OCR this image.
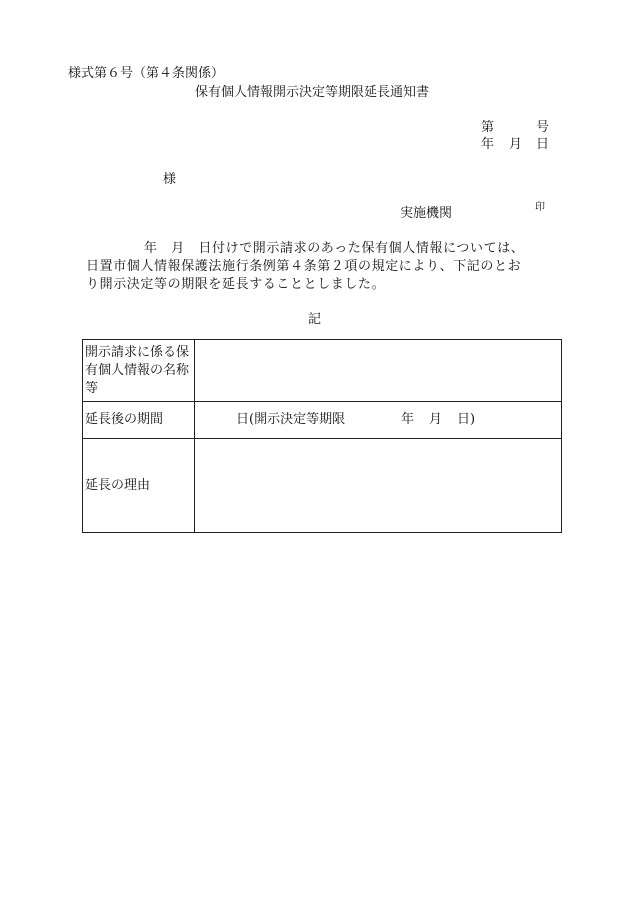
様式第６号（第４条関係）
保有個人情報開示決定等期限延長通知書
第	号
年 月 日
様
実施機関	印
年　月　日付けで開示請求のあった保有個人情報については、
日置市個人情報保護法施行条例第４条第２項の規定により、下記のとお
り開示決定等の期限を延長することとしました。
記
開示請求に係る保有個人情報の名称等	
延長後の期間	日 (開示決定等期限 年 月 日)

延長の理由	
